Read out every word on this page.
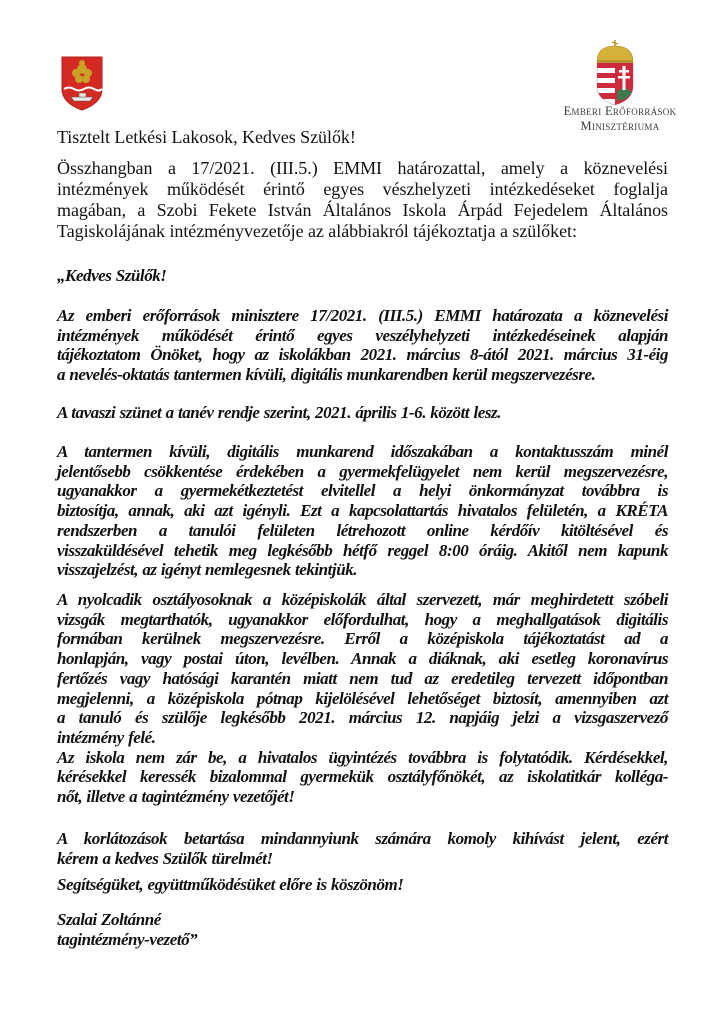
Emberi Erőforrások
Minisztériuma
Tisztelt Letkési Lakosok, Kedves Szülők!
Összhangban a 17/2021. (III.5.) EMMI határozattal, amely a köznevelési
intézmények működését érintő egyes vészhelyzeti intézkedéseket foglalja
magában, a Szobi Fekete István Általános Iskola Árpád Fejedelem Általános
Tagiskolájának intézményvezetője az alábbiakról tájékoztatja a szülőket:
„Kedves Szülők!
Az emberi erőforrások minisztere 17/2021. (III.5.) EMMI határozata a köznevelési
intézmények működését érintő egyes veszélyhelyzeti intézkedéseinek alapján
tájékoztatom Önöket, hogy az iskolákban 2021. március 8-ától 2021. március 31-éig
a nevelés-oktatás tantermen kívüli, digitális munkarendben kerül megszervezésre.
A tavaszi szünet a tanév rendje szerint, 2021. április 1-6. között lesz.
A tantermen kívüli, digitális munkarend időszakában a kontaktusszám minél
jelentősebb csökkentése érdekében a gyermekfelügyelet nem kerül megszervezésre,
ugyanakkor a gyermekétkeztetést elvitellel a helyi önkormányzat továbbra is
biztosítja, annak, aki azt igényli. Ezt a kapcsolattartás hivatalos felületén, a KRÉTA
rendszerben a tanulói felületen létrehozott online kérdőív kitöltésével és
visszaküldésével tehetik meg legkésőbb hétfő reggel 8:00 óráig. Akitől nem kapunk
visszajelzést, az igényt nemlegesnek tekintjük.
A nyolcadik osztályosoknak a középiskolák által szervezett, már meghirdetett szóbeli
vizsgák megtarthatók, ugyanakkor előfordulhat, hogy a meghallgatások digitális
formában kerülnek megszervezésre. Erről a középiskola tájékoztatást ad a
honlapján, vagy postai úton, levélben. Annak a diáknak, aki esetleg koronavírus
fertőzés vagy hatósági karantén miatt nem tud az eredetileg tervezett időpontban
megjelenni, a középiskola pótnap kijelölésével lehetőséget biztosít, amennyiben azt
a tanuló és szülője legkésőbb 2021. március 12. napjáig jelzi a vizsgaszervező
intézmény felé.
Az iskola nem zár be, a hivatalos ügyintézés továbbra is folytatódik. Kérdésekkel,
kérésekkel keressék bizalommal gyermekük osztályfőnökét, az iskolatitkár kolléga-
nőt, illetve a tagintézmény vezetőjét!
A korlátozások betartása mindannyiunk számára komoly kihívást jelent, ezért
kérem a kedves Szülők türelmét!
Segítségüket, együttműködésüket előre is köszönöm!
Szalai Zoltánné
tagintézmény-vezető”
